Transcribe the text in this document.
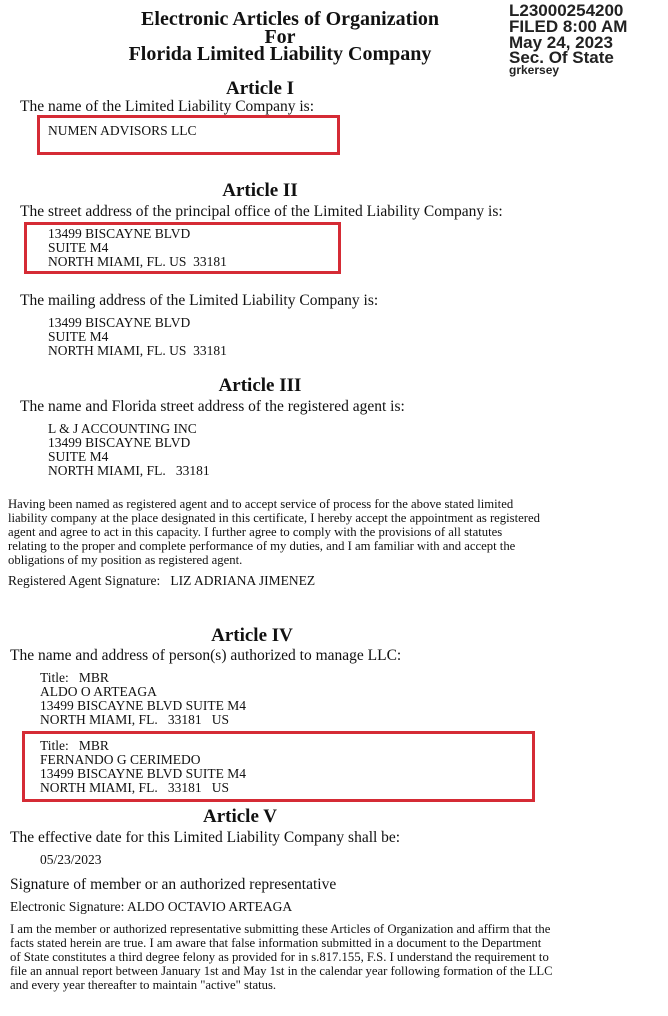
Electronic Articles of Organization
For
Florida Limited Liability Company
L23000254200
FILED 8:00 AM
May 24, 2023
Sec. Of State
grkersey
Article I
The name of the Limited Liability Company is:
NUMEN ADVISORS LLC
Article II
The street address of the principal office of the Limited Liability Company is:
13499 BISCAYNE BLVD
SUITE M4
NORTH MIAMI, FL. US  33181
The mailing address of the Limited Liability Company is:
13499 BISCAYNE BLVD
SUITE M4
NORTH MIAMI, FL. US  33181
Article III
The name and Florida street address of the registered agent is:
L & J ACCOUNTING INC
13499 BISCAYNE BLVD
SUITE M4
NORTH MIAMI, FL.   33181
Having been named as registered agent and to accept service of process for the above stated limited
liability company at the place designated in this certificate, I hereby accept the appointment as registered
agent and agree to act in this capacity. I further agree to comply with the provisions of all statutes
relating to the proper and complete performance of my duties, and I am familiar with and accept the
obligations of my position as registered agent.
Registered Agent Signature:   LIZ ADRIANA JIMENEZ
Article IV
The name and address of person(s) authorized to manage LLC:
Title:   MBR
ALDO O ARTEAGA
13499 BISCAYNE BLVD SUITE M4
NORTH MIAMI, FL.   33181   US
Title:   MBR
FERNANDO G CERIMEDO
13499 BISCAYNE BLVD SUITE M4
NORTH MIAMI, FL.   33181   US
Article V
The effective date for this Limited Liability Company shall be:
05/23/2023
Signature of member or an authorized representative
Electronic Signature: ALDO OCTAVIO ARTEAGA
I am the member or authorized representative submitting these Articles of Organization and affirm that the
facts stated herein are true. I am aware that false information submitted in a document to the Department
of State constitutes a third degree felony as provided for in s.817.155, F.S. I understand the requirement to
file an annual report between January 1st and May 1st in the calendar year following formation of the LLC
and every year thereafter to maintain "active" status.
